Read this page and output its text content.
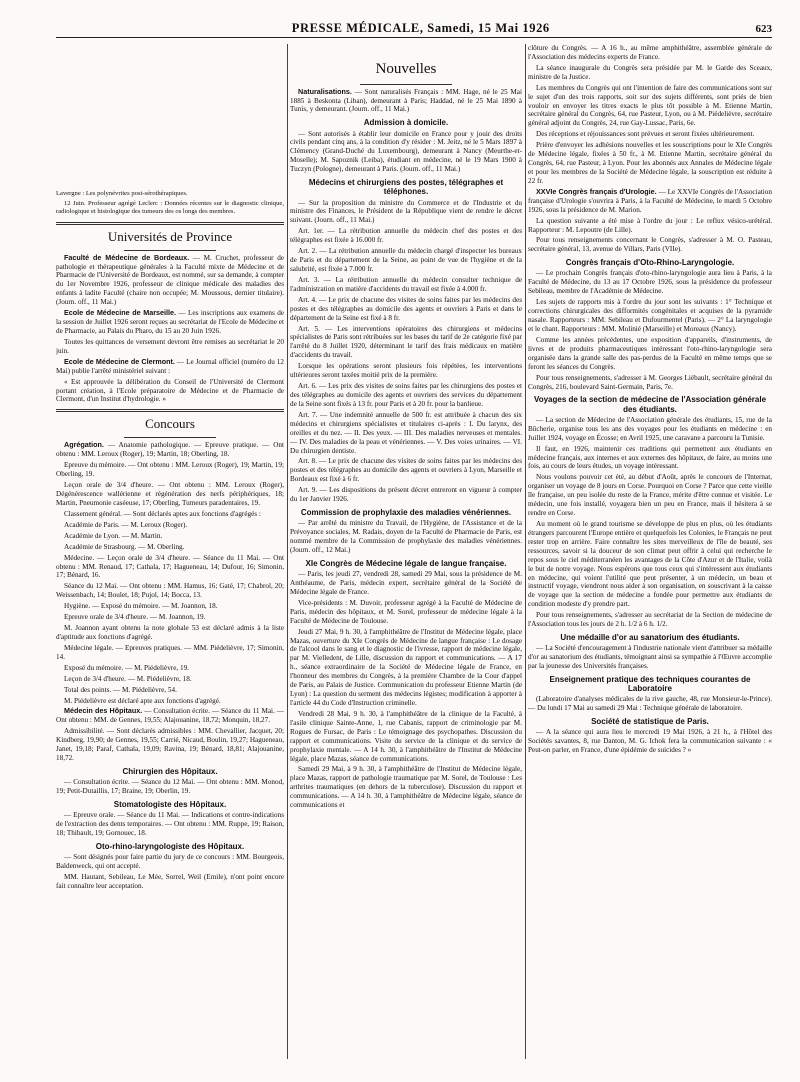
PRESSE MÉDICALE, Samedi, 15 Mai 1926	623

Lavergne : Les polynévrites post-sérothérapiques.

12 Juin. Professeur agrégé Leclerc : Données récentes sur le diagnostic clinique, radiologique et histologique des tumeurs des os longs des membres.

Universités de Province

Faculté de Médecine de Bordeaux. — M. Cruchet, professeur de pathologie et thérapeutique générales à la Faculté mixte de Médecine et de Pharmacie de l'Université de Bordeaux, est nommé, sur sa demande, à compter du 1er Novembre 1926, professeur de clinique médicale des maladies des enfants à ladite Faculté (chaire non occupée; M. Moussous, dernier titulaire). (Journ. off., 11 Mai.)

Ecole de Médecine de Marseille. — Les inscriptions aux examens de la session de Juillet 1926 seront reçues au secrétariat de l'Ecole de Médecine et de Pharmacie, au Palais du Pharo, du 15 au 20 Juin 1926.

Toutes les quittances de versement devront être remises au secrétariat le 20 juin.

Ecole de Médecine de Clermont. — Le Journal officiel (numéro du 12 Mai) publie l'arrêté ministériel suivant :

« Est approuvée la délibération du Conseil de l'Université de Clermont portant création, à l'Ecole préparatoire de Médecine et de Pharmacie de Clermont, d'un Institut d'hydrologie. »

Concours

Agrégation. — Anatomie pathologique. — Epreuve pratique. — Ont obtenu : MM. Leroux (Roger), 19; Martin, 18; Oberling, 18.

Epreuve du mémoire. — Ont obtenu : MM. Leroux (Roger), 19; Martin, 19; Oberling, 19.

Leçon orale de 3/4 d'heure. — Ont obtenu : MM. Leroux (Roger), Dégénérescence wallérienne et régénération des nerfs périphériques, 18; Martin, Pneumonie caséeuse, 17; Oberling, Tumeurs paradentaires, 19.

Classement général. — Sont déclarés aptes aux fonctions d'agrégés :

Académie de Paris. — M. Leroux (Roger).

Académie de Lyon. — M. Martin.

Académie de Strasbourg. — M. Oberling.

Médecine. — Leçon orale de 3/4 d'heure. — Séance du 11 Mai. — Ont obtenu : MM. Renaud, 17; Cathala, 17; Hagueneau, 14; Dufour, 16; Simonin, 17; Bénard, 16.

Séance du 12 Mai. — Ont obtenu : MM. Hamus, 16; Gaté, 17; Chabrol, 20; Weissenbach, 14; Boulet, 18; Pujol, 14; Bocca, 13.

Hygiène. — Exposé du mémoire. — M. Joannon, 18.

Epreuve orale de 3/4 d'heure. — M. Joannon, 19.

M. Joannon ayant obtenu la note globale 53 est déclaré admis à la liste d'aptitude aux fonctions d'agrégé.

Médecine légale. — Epreuves pratiques. — MM. Piédelièvre, 17; Simonin, 14.

Exposé du mémoire. — M. Piédelièvre, 19.

Leçon de 3/4 d'heure. — M. Piédelièvre, 18.

Total des points. — M. Piédelièvre, 54.

M. Piédelièvre est déclaré apte aux fonctions d'agrégé.

Médecin des Hôpitaux. — Consultation écrite. — Séance du 11 Mai. — Ont obtenu : MM. de Gennes, 19,55; Alajouanine, 18,72; Monquin, 18,27.

Admissibilité. — Sont déclarés admissibles : MM. Chevallier, Jacquet, 20; Kindberg, 19,90; de Gennes, 19,55; Carrié, Nicaud, Boulin, 19,27; Hagueneau, Janet, 19,18; Paraf, Cathala, 19,09; Ravina, 19; Bénard, 18,81; Alajouanine, 18,72.

Chirurgien des Hôpitaux.

— Consultation écrite. — Séance du 12 Mai. — Ont obtenu : MM. Monod, 19; Petit-Dutaillis, 17; Braine, 19; Oberlin, 19.

Stomatologiste des Hôpitaux.

— Epreuve orale. — Séance du 11 Mai. — Indications et contre-indications de l'extraction des dents temporaires. — Ont obtenu : MM. Ruppe, 19; Raison, 18; Thibault, 19; Gornouec, 18.

Oto-rhino-laryngologiste des Hôpitaux.

— Sont désignés pour faire partie du jury de ce concours : MM. Bourgeois, Baldenweck, qui ont accepté.

MM. Hautant, Sebileau, Le Mée, Sorrel, Weil (Emile), n'ont point encore fait connaître leur acceptation.

Nouvelles

Naturalisations. — Sont naturalisés Français : MM. Hage, né le 25 Mai 1885 à Beskonta (Liban), demeurant à Paris; Haddad, né le 25 Mai 1890 à Tunis, y demeurant. (Journ. off., 11 Mai.)

Admission à domicile.

— Sont autorisés à établir leur domicile en France pour y jouir des droits civils pendant cinq ans, à la condition d'y résider : M. Jeitz, né le 5 Mars 1897 à Clémency (Grand-Duché du Luxembourg), demeurant à Nancy (Meurthe-et-Moselle); M. Sapoznik (Leiba), étudiant en médecine, né le 19 Mars 1900 à Tuczyn (Pologne), demeurant à Paris. (Journ. off., 11 Mai.)

Médecins et chirurgiens des postes, télégraphes et téléphones.

— Sur la proposition du ministre du Commerce et de l'Industrie et du ministre des Finances, le Président de la République vient de rendre le décret suivant. (Journ. off., 11 Mai.)

Art. 1er. — La rétribution annuelle du médecin chef des postes et des télégraphes est fixée à 16.000 fr.

Art. 2. — La rétribution annuelle du médecin chargé d'inspecter les bureaux de Paris et du département de la Seine, au point de vue de l'hygiène et de la salubrité, est fixée à 7.000 fr.

Art. 3. — La rétribution annuelle du médecin consulter technique de l'administration en matière d'accidents du travail est fixée à 4.000 fr.

Art. 4. — Le prix de chacune des visites de soins faites par les médecins des postes et des télégraphes au domicile des agents et ouvriers à Paris et dans le département de la Seine est fixé à 8 fr.

Art. 5. — Les interventions opératoires des chirurgiens et médecins spécialistes de Paris sont rétribuées sur les bases du tarif de 2e catégorie fixé par l'arrêté du 8 Juillet 1920, déterminant le tarif des frais médicaux en matière d'accidents du travail.

Lorsque les opérations seront plusieurs fois répétées, les interventions ultérieures seront taxées moitié prix de la première.

Art. 6. — Les prix des visites de soins faites par les chirurgiens des postes et des télégraphes au domicile des agents et ouvriers des services du département de la Seine sont fixés à 13 fr. pour Paris et à 20 fr. pour la banlieue.

Art. 7. — Une indemnité annuelle de 500 fr. est attribuée à chacun des six médecins et chirurgiens spécialistes et titulaires ci-après : I. Du larynx, des oreilles et du nez. — II. Des yeux. — III. Des maladies nerveuses et mentales. — IV. Des maladies de la peau et vénériennes. — V. Des voies urinaires. — VI. Du chirurgien dentiste.

Art. 8. — Le prix de chacune des visites de soins faites par les médecins des postes et des télégraphes au domicile des agents et ouvriers à Lyon, Marseille et Bordeaux est fixé à 6 fr.

Art. 9. — Les dispositions du présent décret entreront en vigueur à compter du 1er Janvier 1926.

Commission de prophylaxie des maladies vénériennes.

— Par arrêté du ministre du Travail, de l'Hygiène, de l'Assistance et de la Prévoyance sociales, M. Radais, doyen de la Faculté de Pharmacie de Paris, est nommé membre de la Commission de prophylaxie des maladies vénériennes. (Journ. off., 12 Mai.)

XIe Congrès de Médecine légale de langue française.

— Paris, les jeudi 27, vendredi 28, samedi 29 Mai, sous la présidence de M. Anthéaume, de Paris, médecin expert, secrétaire général de la Société de Médecine légale de France.

Vice-présidents : M. Duvoir, professeur agrégé à la Faculté de Médecine de Paris, médecin des hôpitaux, et M. Sorel, professeur de médecine légale à la Faculté de Médecine de Toulouse.

Jeudi 27 Mai, 9 h. 30, à l'amphithéâtre de l'Institut de Médecine légale, place Mazas, ouverture du XIe Congrès de Médecine de langue française : Le dosage de l'alcool dans le sang et le diagnostic de l'ivresse, rapport de médecine légale, par M. Vielledent, de Lille, discussion du rapport et communications. — A 17 h., séance extraordinaire de la Société de Médecine légale de France, en l'honneur des membres du Congrès, à la première Chambre de la Cour d'appel de Paris, au Palais de Justice. Communication du professeur Etienne Martin (de Lyon) : La question du serment des médecins légistes; modification à apporter à l'article 44 du Code d'Instruction criminelle.

Vendredi 28 Mai, 9 h. 30, à l'amphithéâtre de la clinique de la Faculté, à l'asile clinique Sainte-Anne, 1, rue Cabanis, rapport de criminologie par M. Rogues de Fursac, de Paris : Le témoignage des psychopathes. Discussion du rapport et communications. Visite du service de la clinique et du service de prophylaxie mentale. — A 14 h. 30, à l'amphithéâtre de l'Institut de Médecine légale, place Mazas, séance de communications.

Samedi 29 Mai, à 9 h. 30, à l'amphithéâtre de l'Institut de Médecine légale, place Mazas, rapport de pathologie traumatique par M. Sorel, de Toulouse : Les arthrites traumatiques (en dehors de la tuberculose). Discussion du rapport et communications. — A 14 h. 30, à l'amphithéâtre de Médecine légale, séance de communications et

clôture du Congrès. — A 16 h., au même amphithéâtre, assemblée générale de l'Association des médecins experts de France.

La séance inaugurale du Congrès sera présidée par M. le Garde des Sceaux, ministre de la Justice.

Les membres du Congrès qui ont l'intention de faire des communications sont sur le sujet d'un des trois rapports, soit sur des sujets différents, sont priés de bien vouloir en envoyer les titres exacts le plus tôt possible à M. Etienne Martin, secrétaire général du Congrès, 64, rue Pasteur, Lyon, ou à M. Piédelièvre, secrétaire général adjoint du Congrès, 24, rue Gay-Lussac, Paris, 6e.

Des réceptions et réjouissances sont prévues et seront fixées ultérieurement.

Prière d'envoyer les adhésions nouvelles et les souscriptions pour le XIe Congrès de Médecine légale, fixées à 50 fr., à M. Etienne Martin, secrétaire général du Congrès, 64, rue Pasteur, à Lyon. Pour les abonnés aux Annales de Médecine légale et pour les membres de la Société de Médecine légale, la souscription est réduite à 22 fr.

XXVIe Congrès français d'Urologie. — Le XXVIe Congrès de l'Association française d'Urologie s'ouvrira à Paris, à la Faculté de Médecine, le mardi 5 Octobre 1926, sous la présidence de M. Marion.

La question suivante a été mise à l'ordre du jour : Le reflux vésico-urétéral. Rapporteur : M. Lepoutre (de Lille).

Pour tous renseignements concernant le Congrès, s'adresser à M. O. Pasteau, secrétaire général, 13, avenue de Villars, Paris (VIIe).

Congrès français d'Oto-Rhino-Laryngologie.

— Le prochain Congrès français d'oto-rhino-laryngologie aura lieu à Paris, à la Faculté de Médecine, du 13 au 17 Octobre 1926, sous la présidence du professeur Sebileau, membre de l'Académie de Médecine.

Les sujets de rapports mis à l'ordre du jour sont les suivants : 1° Technique et corrections chirurgicales des difformités congénitales et acquises de la pyramide nasale. Rapporteurs : MM. Sebileau et Dufourmentel (Paris). — 2° La laryngologie et le chant. Rapporteurs : MM. Molinié (Marseille) et Moreaux (Nancy).

Comme les années précédentes, une exposition d'appareils, d'instruments, de livres et de produits pharmaceutiques intéressant l'oto-rhino-laryngologie sera organisée dans la grande salle des pas-perdus de la Faculté en même temps que se feront les séances du Congrès.

Pour tous renseignements, s'adresser à M. Georges Liébault, secrétaire général du Congrès, 216, boulevard Saint-Germain, Paris, 7e.

Voyages de la section de médecine de l'Association générale des étudiants.

— La section de Médecine de l'Association générale des étudiants, 15, rue de la Bûcherie, organise tous les ans des voyages pour les étudiants en médecine : en Juillet 1924, voyage en Écosse; en Avril 1925, une caravane a parcouru la Tunisie.

Il faut, en 1926, maintenir ces traditions qui permettent aux étudiants en médecine français, aux internes et aux externes des hôpitaux, de faire, au moins une fois, au cours de leurs études, un voyage intéressant.

Nous voulons pouvoir cet été, au début d'Août, après le concours de l'Internat, organiser un voyage de 8 jours en Corse. Pourquoi en Corse ? Parce que cette vieille île française, un peu isolée du reste de la France, mérite d'être connue et visitée. Le médecin, une fois installé, voyagera bien un peu en France, mais il hésitera à se rendre en Corse.

Au moment où le grand tourisme se développe de plus en plus, où les étudiants étrangers parcourent l'Europe entière et quelquefois les Colonies, le Français ne peut rester trop en arrière. Faire connaître les sites merveilleux de l'île de beauté, ses ressources, savoir si la douceur de son climat peut offrir à celui qui recherche le repos sous le ciel méditerranéen les avantages de la Côte d'Azur et de l'Italie, voilà le but de notre voyage. Nous espérons que tous ceux qui s'intéressent aux étudiants en médecine, qui voient l'utilité que peut présenter, à un médecin, un beau et instructif voyage, viendront nous aider à son organisation, en souscrivant à la caisse de voyage que la section de médecine a fondée pour permettre aux étudiants de condition modeste d'y prendre part.

Pour tous renseignements, s'adresser au secrétariat de la Section de médecine de l'Association tous les jours de 2 h. 1/2 à 6 h. 1/2.

Une médaille d'or au sanatorium des étudiants.

— La Société d'encouragement à l'industrie nationale vient d'attribuer sa médaille d'or au sanatorium des étudiants, témoignant ainsi sa sympathie à l'Œuvre accomplie par la jeunesse des Universités françaises.

Enseignement pratique des techniques courantes de Laboratoire

(Laboratoire d'analyses médicales de la rive gauche, 48, rue Monsieur-le-Prince). — Du lundi 17 Mai au samedi 29 Mai : Technique générale de laboratoire.

Société de statistique de Paris.

— A la séance qui aura lieu le mercredi 19 Mai 1926, à 21 h., à l'Hôtel des Sociétés savantes, 8, rue Danton, M. G. Ichok fera la communication suivante : « Peut-on parler, en France, d'une épidémie de suicides ? »
